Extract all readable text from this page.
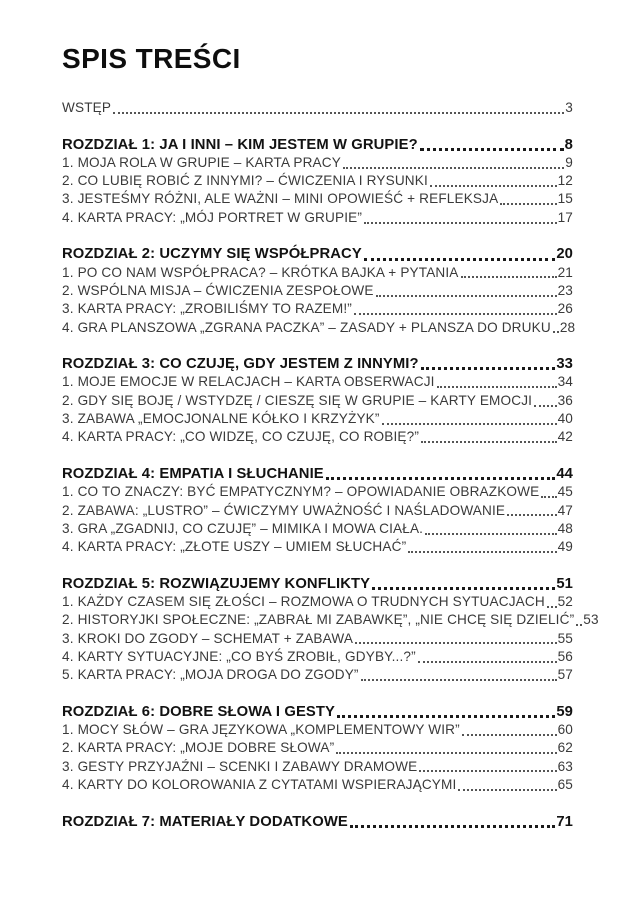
SPIS TREŚCI
WSTĘP	3
ROZDZIAŁ 1: JA I INNI – KIM JESTEM W GRUPIE?	8
1. MOJA ROLA W GRUPIE – KARTA PRACY	9
2. CO LUBIĘ ROBIĆ Z INNYMI? – ĆWICZENIA I RYSUNKI	12
3. JESTEŚMY RÓŻNI, ALE WAŻNI – MINI OPOWIEŚĆ + REFLEKSJA	15
4. KARTA PRACY: „MÓJ PORTRET W GRUPIE”	17
ROZDZIAŁ 2: UCZYMY SIĘ WSPÓŁPRACY	20
1. PO CO NAM WSPÓŁPRACA? – KRÓTKA BAJKA + PYTANIA	21
2. WSPÓLNA MISJA – ĆWICZENIA ZESPOŁOWE	23
3. KARTA PRACY: „ZROBILIŚMY TO RAZEM!”	26
4. GRA PLANSZOWA „ZGRANA PACZKA” – ZASADY + PLANSZA DO DRUKU 28
ROZDZIAŁ 3: CO CZUJĘ, GDY JESTEM Z INNYMI?	33
1. MOJE EMOCJE W RELACJACH – KARTA OBSERWACJI	34
2. GDY SIĘ BOJĘ / WSTYDZĘ / CIESZĘ SIĘ W GRUPIE – KARTY EMOCJI 36
3. ZABAWA „EMOCJONALNE KÓŁKO I KRZYŻYK”	40
4. KARTA PRACY: „CO WIDZĘ, CO CZUJĘ, CO ROBIĘ?”	42
ROZDZIAŁ 4: EMPATIA I SŁUCHANIE	44
1. CO TO ZNACZY: BYĆ EMPATYCZNYM? – OPOWIADANIE OBRAZKOWE 45
2. ZABAWA: „LUSTRO” – ĆWICZYMY UWAŻNOŚĆ I NAŚLADOWANIE	47
3. GRA „ZGADNIJ, CO CZUJĘ” – MIMIKA I MOWA CIAŁA.	48
4. KARTA PRACY: „ZŁOTE USZY – UMIEM SŁUCHAĆ”	49
ROZDZIAŁ 5: ROZWIĄZUJEMY KONFLIKTY	51
1. KAŻDY CZASEM SIĘ ZŁOŚCI – ROZMOWA O TRUDNYCH SYTUACJACH 52
2. HISTORYJKI SPOŁECZNE: „ZABRAŁ MI ZABAWKĘ”, „NIE CHCĘ SIĘ DZIELIĆ” 53
3. KROKI DO ZGODY – SCHEMAT + ZABAWA	55
4. KARTY SYTUACYJNE: „CO BYŚ ZROBIŁ, GDYBY...?”	56
5. KARTA PRACY: „MOJA DROGA DO ZGODY”	57
ROZDZIAŁ 6: DOBRE SŁOWA I GESTY	59
1. MOCY SŁÓW – GRA JĘZYKOWA „KOMPLEMENTOWY WIR”	60
2. KARTA PRACY: „MOJE DOBRE SŁOWA”	62
3. GESTY PRZYJAŹNI – SCENKI I ZABAWY DRAMOWE	63
4. KARTY DO KOLOROWANIA Z CYTATAMI WSPIERAJĄCYMI	65
ROZDZIAŁ 7: MATERIAŁY DODATKOWE	71
